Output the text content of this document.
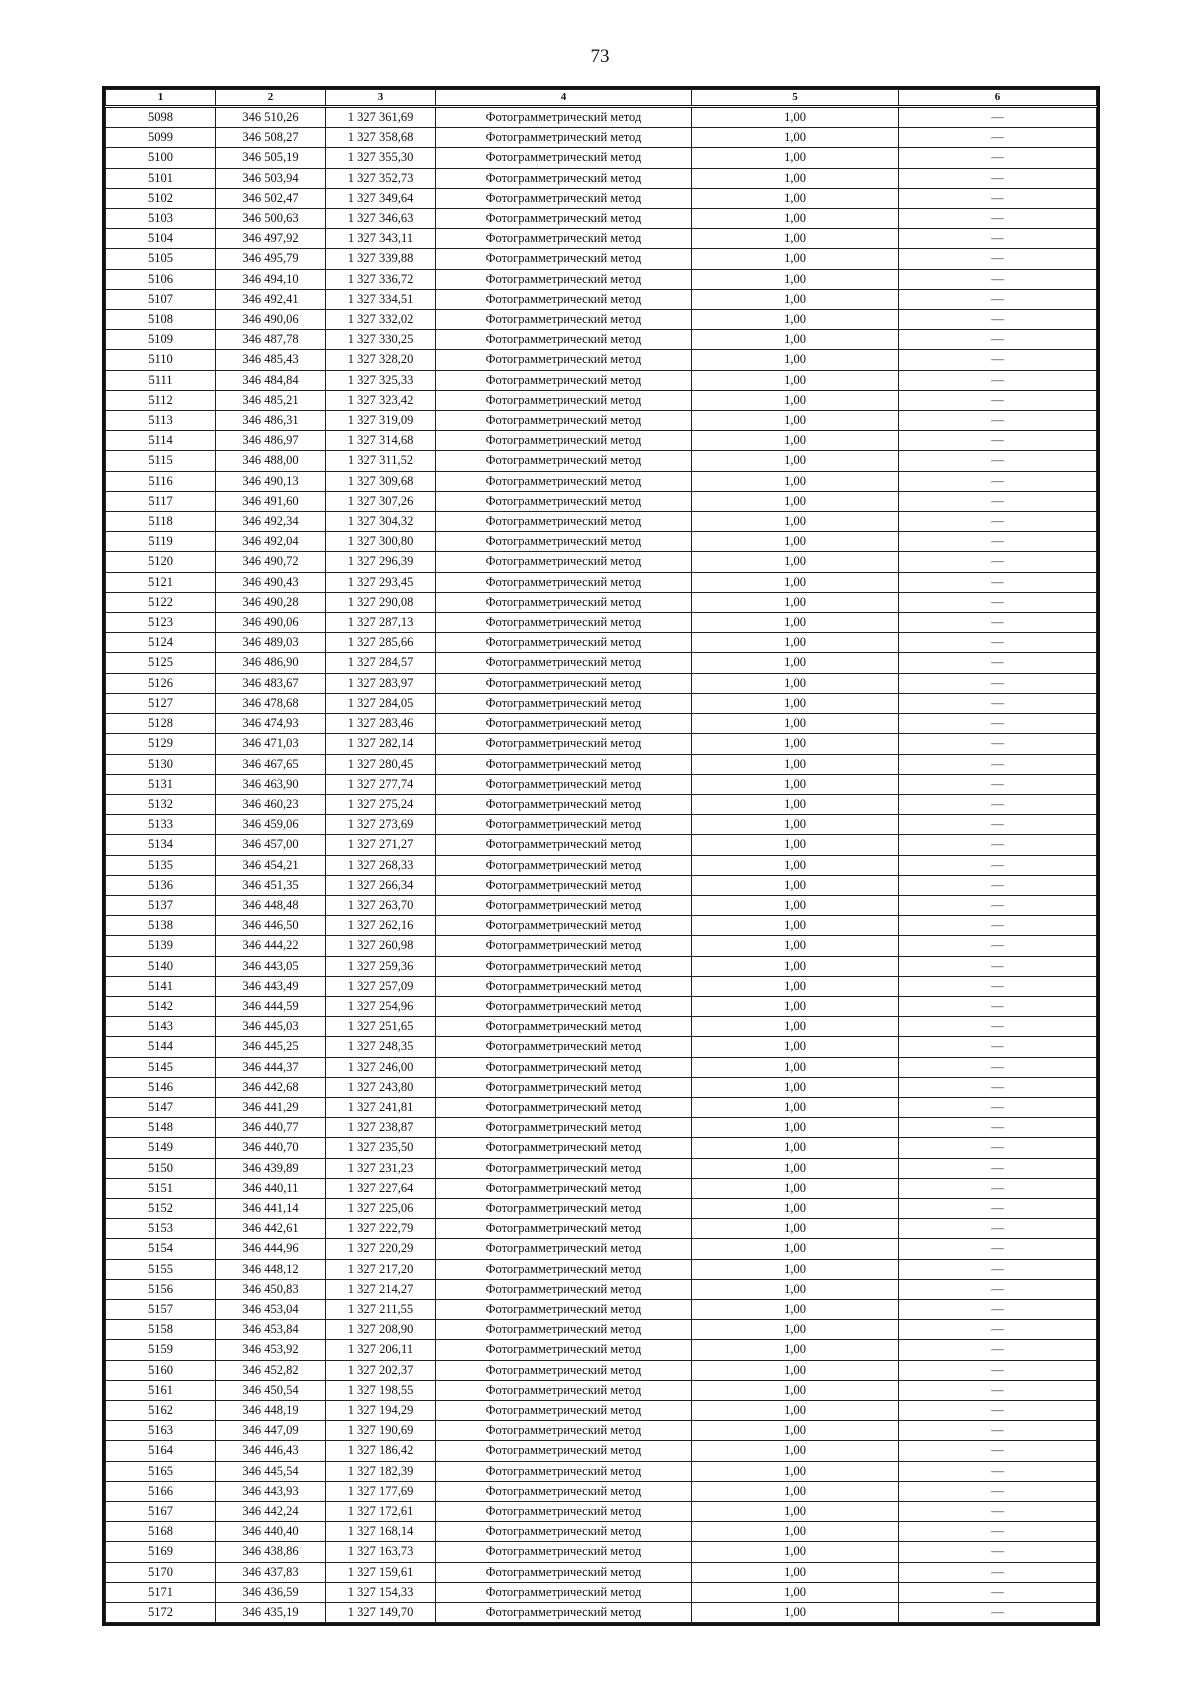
73
1	2	3	4	5	6
5098	346 510,26	1 327 361,69	Фотограмметрический метод	1,00	—
5099	346 508,27	1 327 358,68	Фотограмметрический метод	1,00	—
5100	346 505,19	1 327 355,30	Фотограмметрический метод	1,00	—
5101	346 503,94	1 327 352,73	Фотограмметрический метод	1,00	—
5102	346 502,47	1 327 349,64	Фотограмметрический метод	1,00	—
5103	346 500,63	1 327 346,63	Фотограмметрический метод	1,00	—
5104	346 497,92	1 327 343,11	Фотограмметрический метод	1,00	—
5105	346 495,79	1 327 339,88	Фотограмметрический метод	1,00	—
5106	346 494,10	1 327 336,72	Фотограмметрический метод	1,00	—
5107	346 492,41	1 327 334,51	Фотограмметрический метод	1,00	—
5108	346 490,06	1 327 332,02	Фотограмметрический метод	1,00	—
5109	346 487,78	1 327 330,25	Фотограмметрический метод	1,00	—
5110	346 485,43	1 327 328,20	Фотограмметрический метод	1,00	—
5111	346 484,84	1 327 325,33	Фотограмметрический метод	1,00	—
5112	346 485,21	1 327 323,42	Фотограмметрический метод	1,00	—
5113	346 486,31	1 327 319,09	Фотограмметрический метод	1,00	—
5114	346 486,97	1 327 314,68	Фотограмметрический метод	1,00	—
5115	346 488,00	1 327 311,52	Фотограмметрический метод	1,00	—
5116	346 490,13	1 327 309,68	Фотограмметрический метод	1,00	—
5117	346 491,60	1 327 307,26	Фотограмметрический метод	1,00	—
5118	346 492,34	1 327 304,32	Фотограмметрический метод	1,00	—
5119	346 492,04	1 327 300,80	Фотограмметрический метод	1,00	—
5120	346 490,72	1 327 296,39	Фотограмметрический метод	1,00	—
5121	346 490,43	1 327 293,45	Фотограмметрический метод	1,00	—
5122	346 490,28	1 327 290,08	Фотограмметрический метод	1,00	—
5123	346 490,06	1 327 287,13	Фотограмметрический метод	1,00	—
5124	346 489,03	1 327 285,66	Фотограмметрический метод	1,00	—
5125	346 486,90	1 327 284,57	Фотограмметрический метод	1,00	—
5126	346 483,67	1 327 283,97	Фотограмметрический метод	1,00	—
5127	346 478,68	1 327 284,05	Фотограмметрический метод	1,00	—
5128	346 474,93	1 327 283,46	Фотограмметрический метод	1,00	—
5129	346 471,03	1 327 282,14	Фотограмметрический метод	1,00	—
5130	346 467,65	1 327 280,45	Фотограмметрический метод	1,00	—
5131	346 463,90	1 327 277,74	Фотограмметрический метод	1,00	—
5132	346 460,23	1 327 275,24	Фотограмметрический метод	1,00	—
5133	346 459,06	1 327 273,69	Фотограмметрический метод	1,00	—
5134	346 457,00	1 327 271,27	Фотограмметрический метод	1,00	—
5135	346 454,21	1 327 268,33	Фотограмметрический метод	1,00	—
5136	346 451,35	1 327 266,34	Фотограмметрический метод	1,00	—
5137	346 448,48	1 327 263,70	Фотограмметрический метод	1,00	—
5138	346 446,50	1 327 262,16	Фотограмметрический метод	1,00	—
5139	346 444,22	1 327 260,98	Фотограмметрический метод	1,00	—
5140	346 443,05	1 327 259,36	Фотограмметрический метод	1,00	—
5141	346 443,49	1 327 257,09	Фотограмметрический метод	1,00	—
5142	346 444,59	1 327 254,96	Фотограмметрический метод	1,00	—
5143	346 445,03	1 327 251,65	Фотограмметрический метод	1,00	—
5144	346 445,25	1 327 248,35	Фотограмметрический метод	1,00	—
5145	346 444,37	1 327 246,00	Фотограмметрический метод	1,00	—
5146	346 442,68	1 327 243,80	Фотограмметрический метод	1,00	—
5147	346 441,29	1 327 241,81	Фотограмметрический метод	1,00	—
5148	346 440,77	1 327 238,87	Фотограмметрический метод	1,00	—
5149	346 440,70	1 327 235,50	Фотограмметрический метод	1,00	—
5150	346 439,89	1 327 231,23	Фотограмметрический метод	1,00	—
5151	346 440,11	1 327 227,64	Фотограмметрический метод	1,00	—
5152	346 441,14	1 327 225,06	Фотограмметрический метод	1,00	—
5153	346 442,61	1 327 222,79	Фотограмметрический метод	1,00	—
5154	346 444,96	1 327 220,29	Фотограмметрический метод	1,00	—
5155	346 448,12	1 327 217,20	Фотограмметрический метод	1,00	—
5156	346 450,83	1 327 214,27	Фотограмметрический метод	1,00	—
5157	346 453,04	1 327 211,55	Фотограмметрический метод	1,00	—
5158	346 453,84	1 327 208,90	Фотограмметрический метод	1,00	—
5159	346 453,92	1 327 206,11	Фотограмметрический метод	1,00	—
5160	346 452,82	1 327 202,37	Фотограмметрический метод	1,00	—
5161	346 450,54	1 327 198,55	Фотограмметрический метод	1,00	—
5162	346 448,19	1 327 194,29	Фотограмметрический метод	1,00	—
5163	346 447,09	1 327 190,69	Фотограмметрический метод	1,00	—
5164	346 446,43	1 327 186,42	Фотограмметрический метод	1,00	—
5165	346 445,54	1 327 182,39	Фотограмметрический метод	1,00	—
5166	346 443,93	1 327 177,69	Фотограмметрический метод	1,00	—
5167	346 442,24	1 327 172,61	Фотограмметрический метод	1,00	—
5168	346 440,40	1 327 168,14	Фотограмметрический метод	1,00	—
5169	346 438,86	1 327 163,73	Фотограмметрический метод	1,00	—
5170	346 437,83	1 327 159,61	Фотограмметрический метод	1,00	—
5171	346 436,59	1 327 154,33	Фотограмметрический метод	1,00	—
5172	346 435,19	1 327 149,70	Фотограмметрический метод	1,00	—
